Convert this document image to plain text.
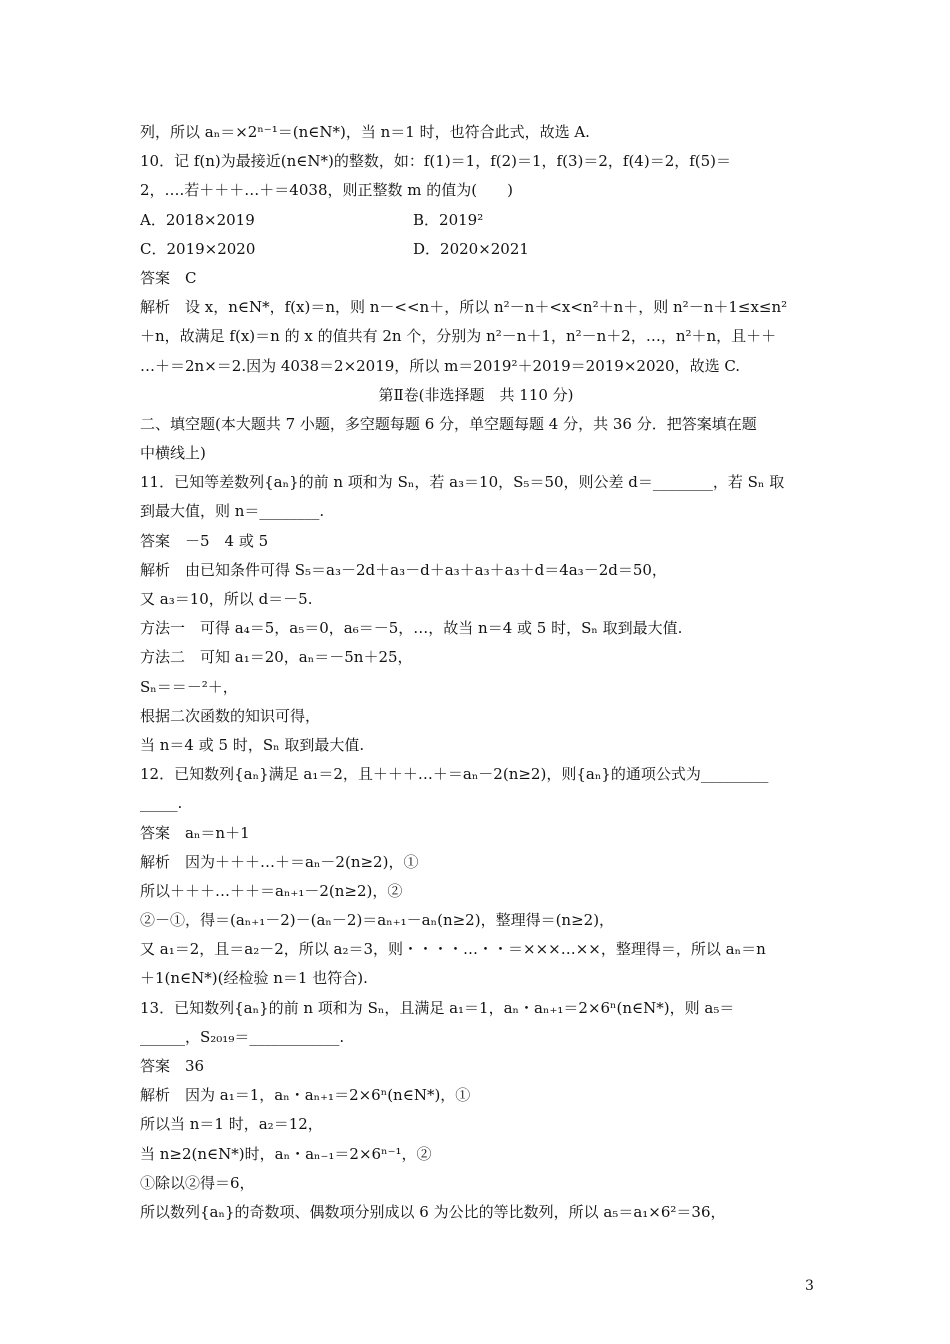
列，所以 aₙ＝×2ⁿ⁻¹＝(n∈N*)，当 n＝1 时，也符合此式，故选 A.
10．记 f(n)为最接近(n∈N*)的整数，如：f(1)＝1，f(2)＝1，f(3)＝2，f(4)＝2，f(5)＝
2，….若＋＋＋…＋＝4038，则正整数 m 的值为(　　)
A．2018×2019	B．2019²
C．2019×2020	D．2020×2021
答案　C
解析　设 x，n∈N*，f(x)＝n，则 n－<<n＋，所以 n²－n＋<x<n²＋n＋，则 n²－n＋1≤x≤n²
＋n，故满足 f(x)＝n 的 x 的值共有 2n 个，分别为 n²－n＋1，n²－n＋2，…，n²＋n，且＋＋
…＋＝2n×＝2.因为 4038＝2×2019，所以 m＝2019²＋2019＝2019×2020，故选 C.
第Ⅱ卷(非选择题　共 110 分)
二、填空题(本大题共 7 小题，多空题每题 6 分，单空题每题 4 分，共 36 分．把答案填在题
中横线上)
11．已知等差数列{aₙ}的前 n 项和为 Sₙ，若 a₃＝10，S₅＝50，则公差 d＝________，若 Sₙ 取
到最大值，则 n＝________.
答案　－5　4 或 5
解析　由已知条件可得 S₅＝a₃－2d＋a₃－d＋a₃＋a₃＋a₃＋d＝4a₃－2d＝50，
又 a₃＝10，所以 d＝－5.
方法一　可得 a₄＝5，a₅＝0，a₆＝－5，…，故当 n＝4 或 5 时，Sₙ 取到最大值.
方法二　可知 a₁＝20，aₙ＝－5n＋25，
Sₙ＝＝－²＋，
根据二次函数的知识可得，
当 n＝4 或 5 时，Sₙ 取到最大值.
12．已知数列{aₙ}满足 a₁＝2，且＋＋＋…＋＝aₙ－2(n≥2)，则{aₙ}的通项公式为_________
_____.
答案　aₙ＝n＋1
解析　因为＋＋＋…＋＝aₙ－2(n≥2)，①
所以＋＋＋…＋＋＝aₙ₊₁－2(n≥2)，②
②－①，得＝(aₙ₊₁－2)－(aₙ－2)＝aₙ₊₁－aₙ(n≥2)，整理得＝(n≥2)，
又 a₁＝2，且＝a₂－2，所以 a₂＝3，则・・・・…・・＝×××…××，整理得＝，所以 aₙ＝n
＋1(n∈N*)(经检验 n＝1 也符合).
13．已知数列{aₙ}的前 n 项和为 Sₙ，且满足 a₁＝1，aₙ・aₙ₊₁＝2×6ⁿ(n∈N*)，则 a₅＝
______，S₂₀₁₉＝____________.
答案　36
解析　因为 a₁＝1，aₙ・aₙ₊₁＝2×6ⁿ(n∈N*)，①
所以当 n＝1 时，a₂＝12，
当 n≥2(n∈N*)时，aₙ・aₙ₋₁＝2×6ⁿ⁻¹，②
①除以②得＝6，
所以数列{aₙ}的奇数项、偶数项分别成以 6 为公比的等比数列，所以 a₅＝a₁×6²＝36，
3
